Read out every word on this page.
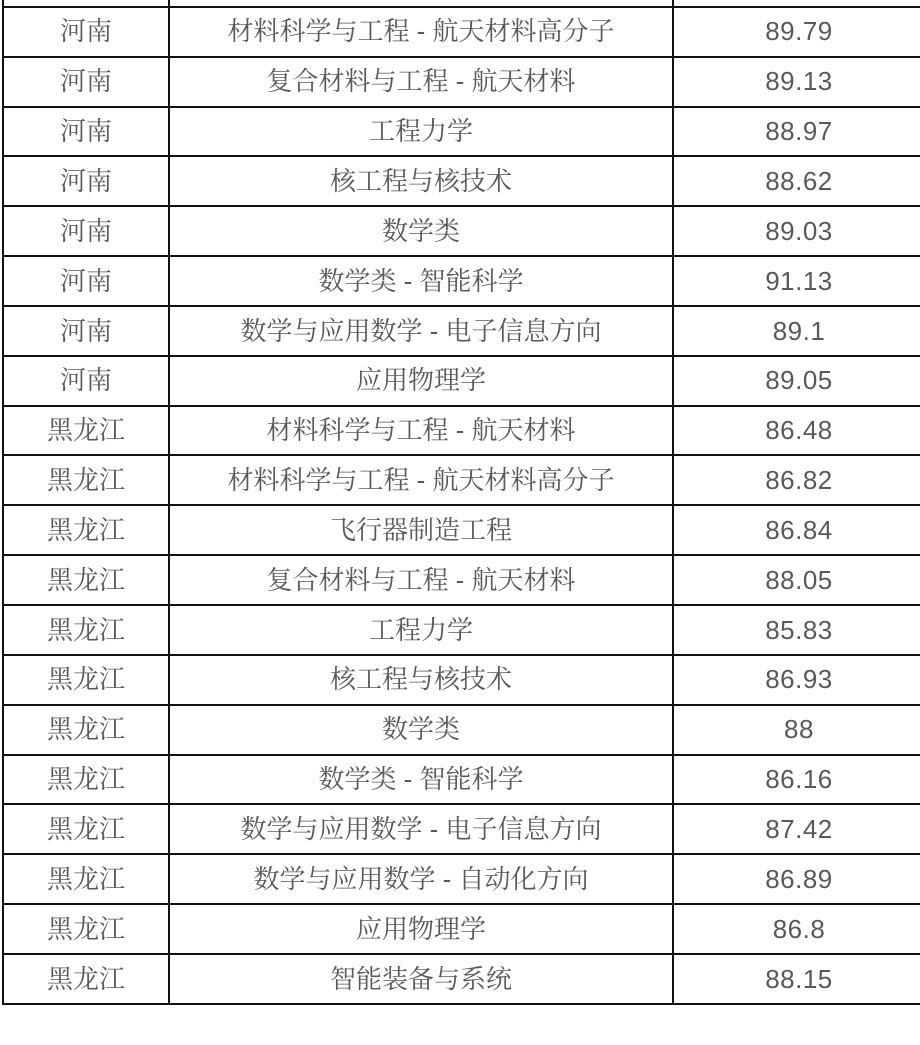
河南	材料科学与工程 - 航天材料高分子	89.79
河南	复合材料与工程 - 航天材料	89.13
河南	工程力学	88.97
河南	核工程与核技术	88.62
河南	数学类	89.03
河南	数学类 - 智能科学	91.13
河南	数学与应用数学 - 电子信息方向	89.1
河南	应用物理学	89.05
黑龙江	材料科学与工程 - 航天材料	86.48
黑龙江	材料科学与工程 - 航天材料高分子	86.82
黑龙江	飞行器制造工程	86.84
黑龙江	复合材料与工程 - 航天材料	88.05
黑龙江	工程力学	85.83
黑龙江	核工程与核技术	86.93
黑龙江	数学类	88
黑龙江	数学类 - 智能科学	86.16
黑龙江	数学与应用数学 - 电子信息方向	87.42
黑龙江	数学与应用数学 - 自动化方向	86.89
黑龙江	应用物理学	86.8
黑龙江	智能装备与系统	88.15
